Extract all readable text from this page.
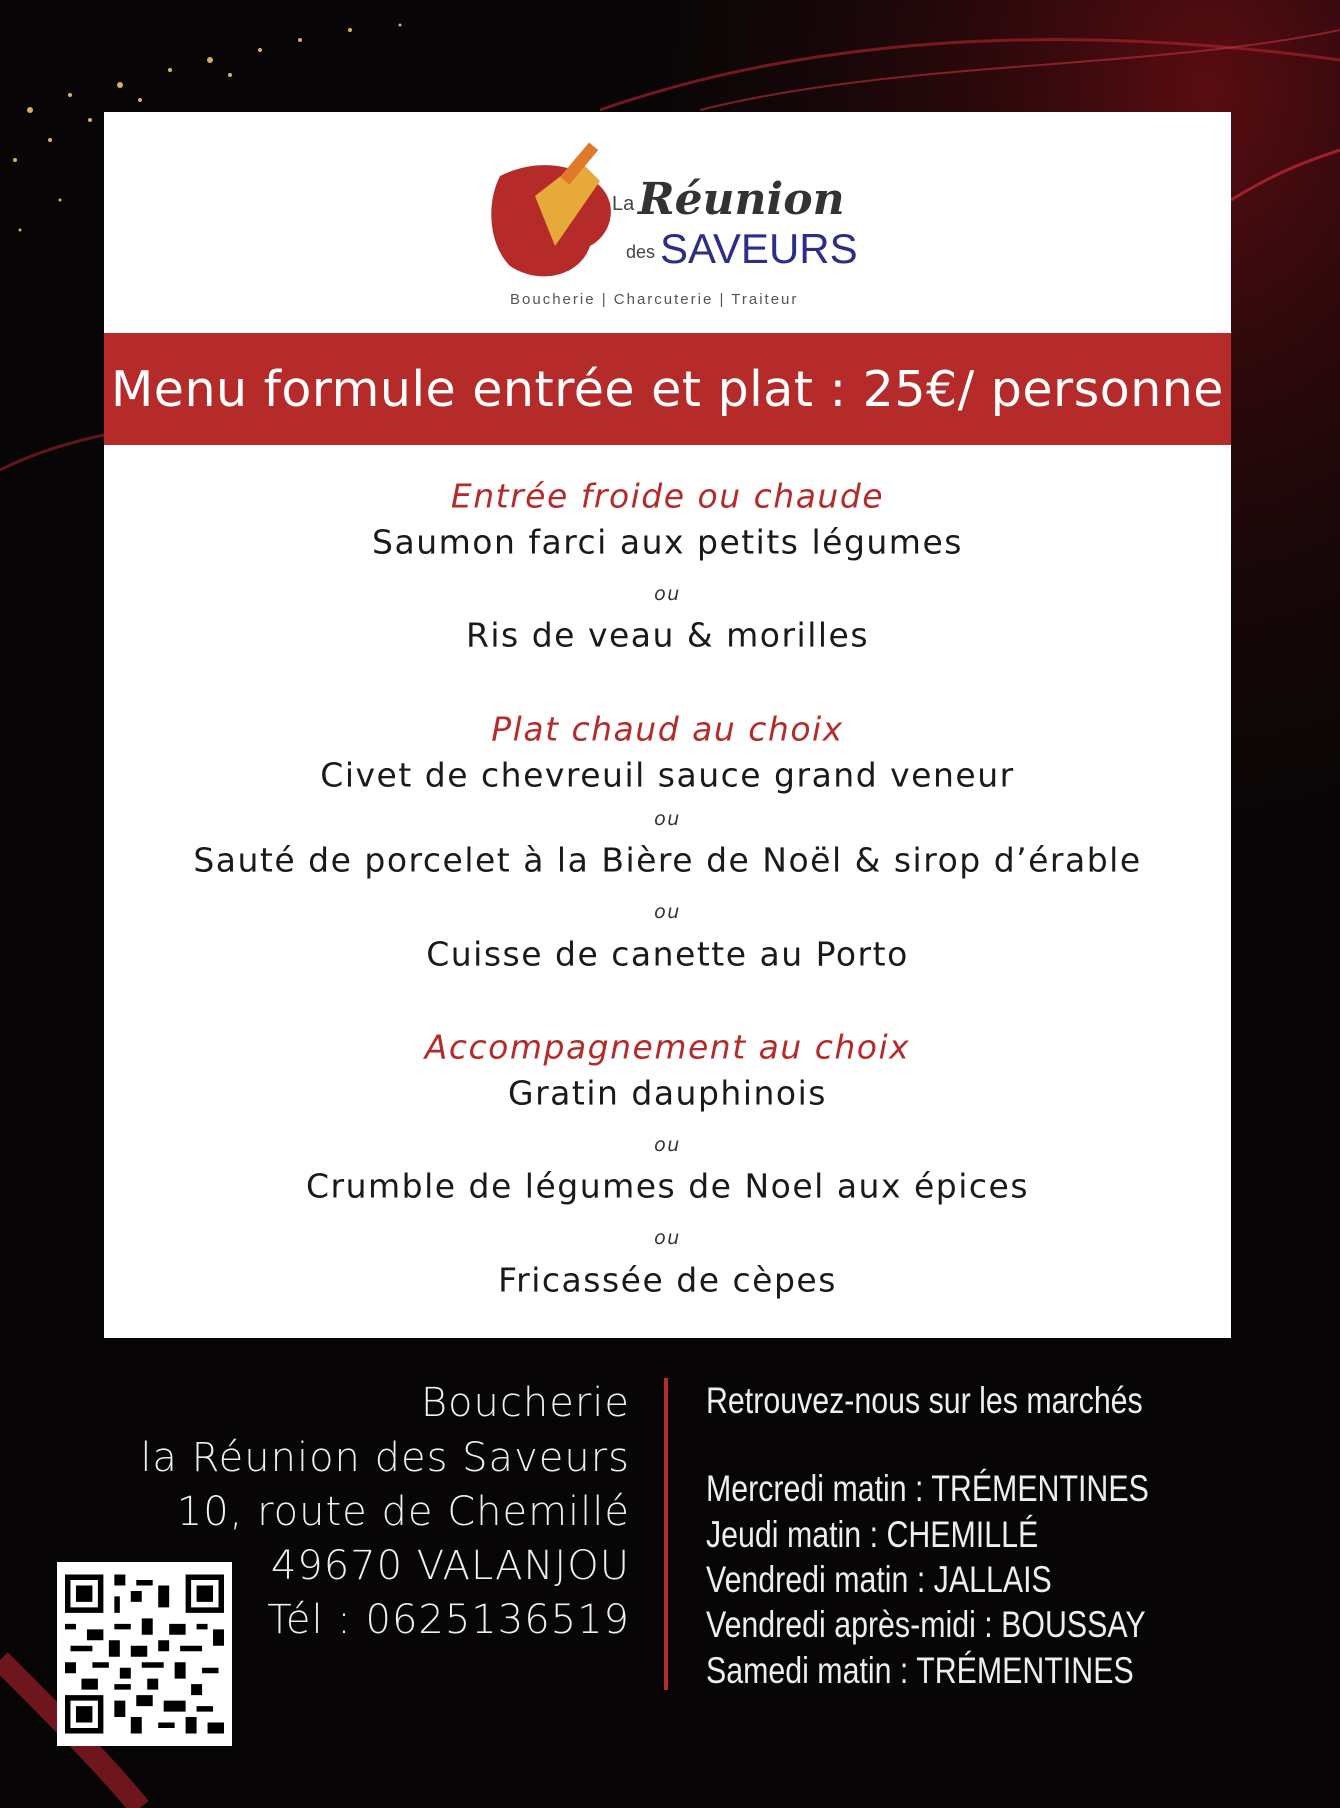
La Réunion
des SAVEURS
Boucherie | Charcuterie | Traiteur
Menu formule entrée et plat : 25€/ personne
Entrée froide ou chaude
Saumon farci aux petits légumes
ou
Ris de veau & morilles
Plat chaud au choix
Civet de chevreuil sauce grand veneur
ou
Sauté de porcelet à la Bière de Noël & sirop d’érable
ou
Cuisse de canette au Porto
Accompagnement au choix
Gratin dauphinois
ou
Crumble de légumes de Noel aux épices
ou
Fricassée de cèpes
Boucherie
la Réunion des Saveurs
10, route de Chemillé
49670 VALANJOU
Tél : 0625136519
Retrouvez-nous sur les marchés
Mercredi matin : TRÉMENTINES
Jeudi matin : CHEMILLÉ
Vendredi matin : JALLAIS
Vendredi après-midi : BOUSSAY
Samedi matin : TRÉMENTINES
